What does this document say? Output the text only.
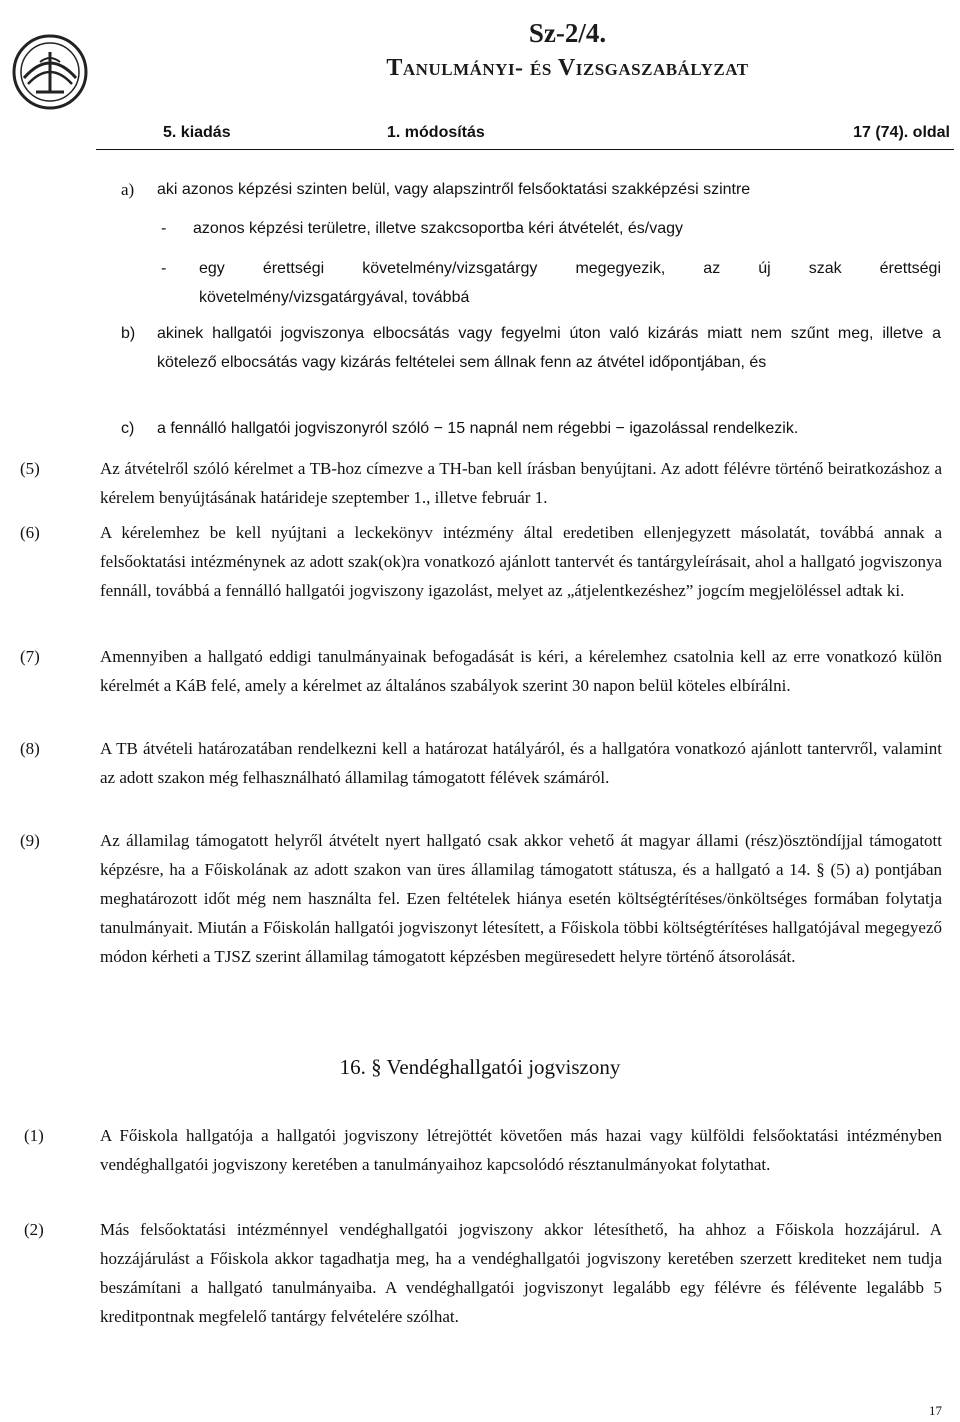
Sz-2/4.
Tanulmányi- és Vizsgaszabályzat
5. kiadás	1. módosítás	17 (74). oldal
a) aki azonos képzési szinten belül, vagy alapszintről felsőoktatási szakképzési szintre
- azonos képzési területre, illetve szakcsoportba kéri átvételét, és/vagy
- egy érettségi követelmény/vizsgatárgy megegyezik, az új szak érettségi
követelmény/vizsgatárgyával, továbbá
b) akinek hallgatói jogviszonya elbocsátás vagy fegyelmi úton való kizárás miatt nem szűnt meg, illetve a kötelező elbocsátás vagy kizárás feltételei sem állnak fenn az átvétel időpontjában, és
c) a fennálló hallgatói jogviszonyról szóló − 15 napnál nem régebbi − igazolással rendelkezik.
(5)	Az átvételről szóló kérelmet a TB-hoz címezve a TH-ban kell írásban benyújtani. Az adott félévre történő beiratkozáshoz a kérelem benyújtásának határideje szeptember 1., illetve február 1.
(6)	A kérelemhez be kell nyújtani a leckekönyv intézmény által eredetiben ellenjegyzett másolatát, továbbá annak a felsőoktatási intézménynek az adott szak(ok)ra vonatkozó ajánlott tantervét és tantárgyleírásait, ahol a hallgató jogviszonya fennáll, továbbá a fennálló hallgatói jogviszony igazolást, melyet az „átjelentkezéshez” jogcím megjelöléssel adtak ki.
(7)	Amennyiben a hallgató eddigi tanulmányainak befogadását is kéri, a kérelemhez csatolnia kell az erre vonatkozó külön kérelmét a KáB felé, amely a kérelmet az általános szabályok szerint 30 napon belül köteles elbírálni.
(8)	A TB átvételi határozatában rendelkezni kell a határozat hatályáról, és a hallgatóra vonatkozó ajánlott tantervről, valamint az adott szakon még felhasználható államilag támogatott félévek számáról.
(9)	Az államilag támogatott helyről átvételt nyert hallgató csak akkor vehető át magyar állami (rész)ösztöndíjjal támogatott képzésre, ha a Főiskolának az adott szakon van üres államilag támogatott státusza, és a hallgató a 14. § (5) a) pontjában meghatározott időt még nem használta fel. Ezen feltételek hiánya esetén költségtérítéses/önköltséges formában folytatja tanulmányait. Miután a Főiskolán hallgatói jogviszonyt létesített, a Főiskola többi költségtérítéses hallgatójával megegyező módon kérheti a TJSZ szerint államilag támogatott képzésben megüresedett helyre történő átsorolását.
16. § Vendéghallgatói jogviszony
(1)	A Főiskola hallgatója a hallgatói jogviszony létrejöttét követően más hazai vagy külföldi felsőoktatási intézményben vendéghallgatói jogviszony keretében a tanulmányaihoz kapcsolódó résztanulmányokat folytathat.
(2)	Más felsőoktatási intézménnyel vendéghallgatói jogviszony akkor létesíthető, ha ahhoz a Főiskola hozzájárul. A hozzájárulást a Főiskola akkor tagadhatja meg, ha a vendéghallgatói jogviszony keretében szerzett krediteket nem tudja beszámítani a hallgató tanulmányaiba. A vendéghallgatói jogviszonyt legalább egy félévre és félévente legalább 5 kreditpontnak megfelelő tantárgy felvételére szólhat.
17
